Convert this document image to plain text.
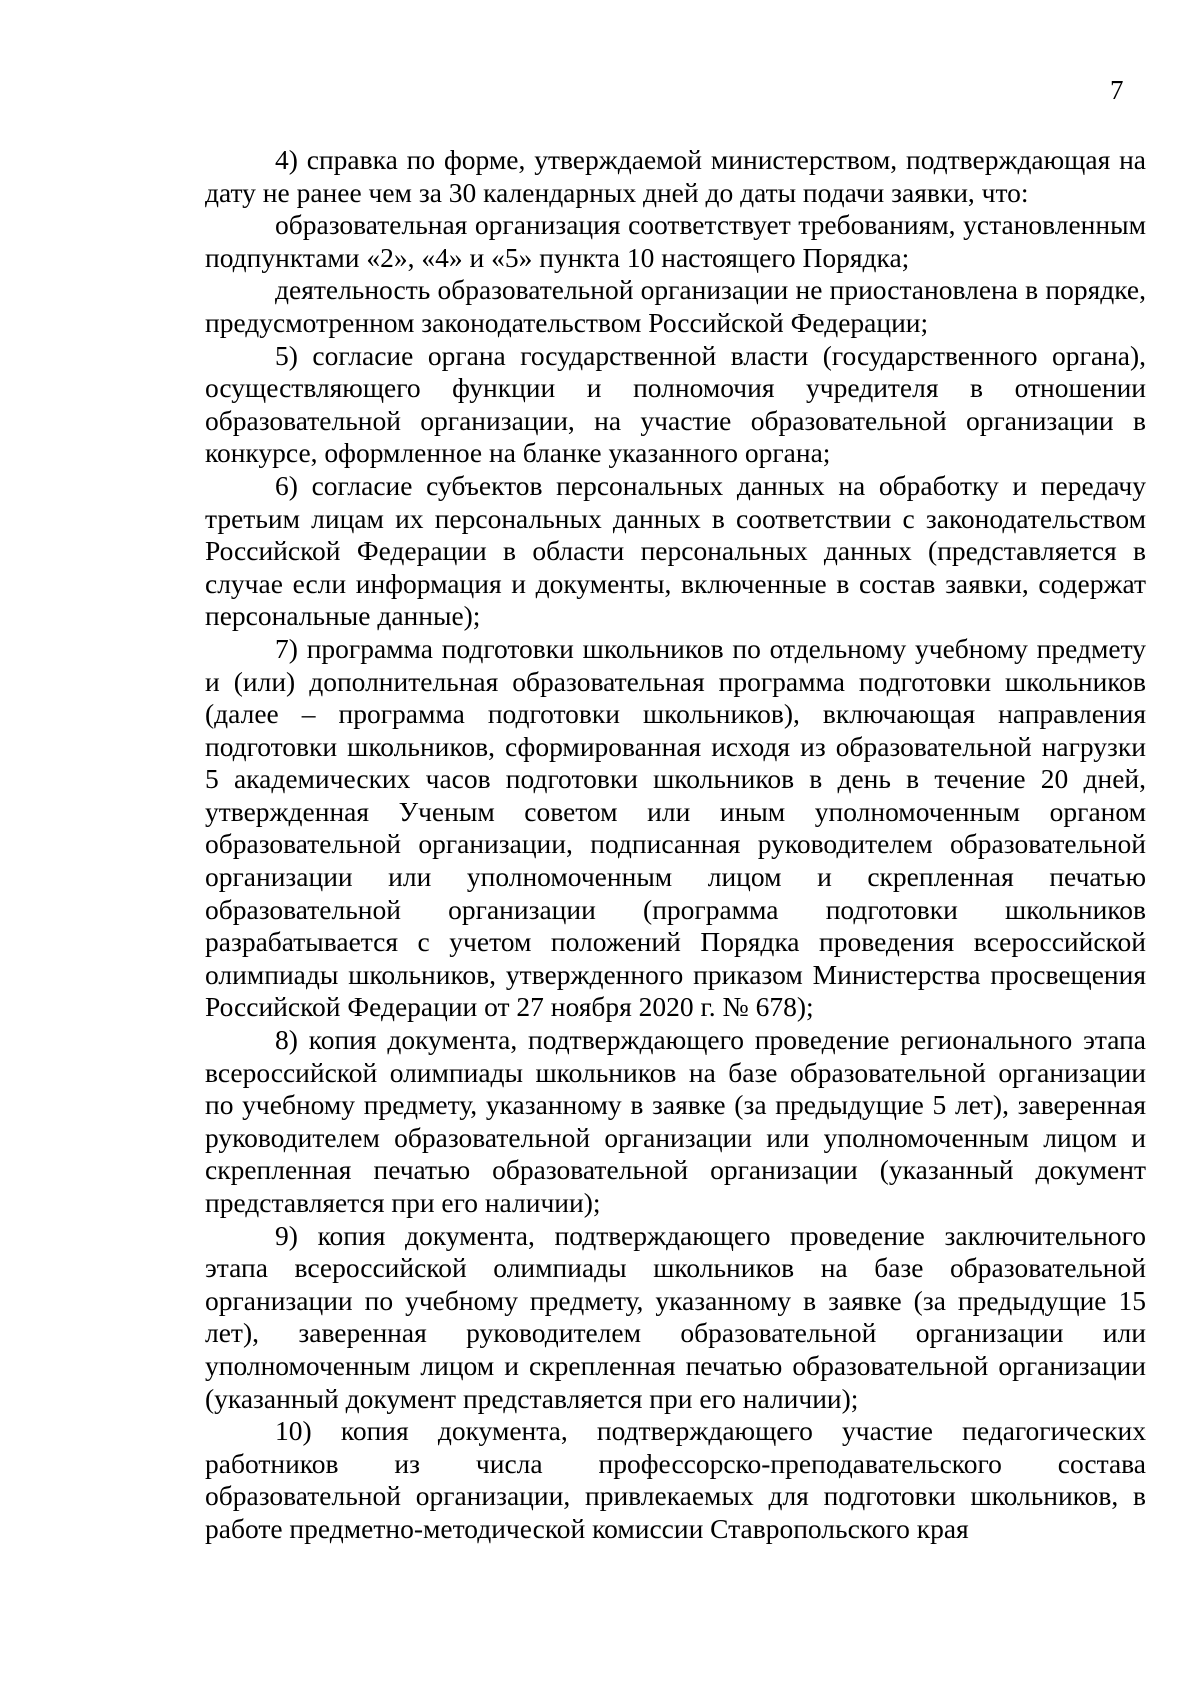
7

4) справка по форме, утверждаемой министерством, подтверждающая на дату не ранее чем за 30 календарных дней до даты подачи заявки, что:

образовательная организация соответствует требованиям, установленным подпунктами «2», «4» и «5» пункта 10 настоящего Порядка;

деятельность образовательной организации не приостановлена в порядке, предусмотренном законодательством Российской Федерации;

5) согласие органа государственной власти (государственного органа), осуществляющего функции и полномочия учредителя в отношении образовательной организации, на участие образовательной организации в конкурсе, оформленное на бланке указанного органа;

6) согласие субъектов персональных данных на обработку и передачу третьим лицам их персональных данных в соответствии с законодательством Российской Федерации в области персональных данных (представляется в случае если информация и документы, включенные в состав заявки, содержат персональные данные);

7) программа подготовки школьников по отдельному учебному предмету и (или) дополнительная образовательная программа подготовки школьников (далее – программа подготовки школьников), включающая направления подготовки школьников, сформированная исходя из образовательной нагрузки 5 академических часов подготовки школьников в день в течение 20 дней, утвержденная Ученым советом или иным уполномоченным органом образовательной организации, подписанная руководителем образовательной организации или уполномоченным лицом и скрепленная печатью образовательной организации (программа подготовки школьников разрабатывается с учетом положений Порядка проведения всероссийской олимпиады школьников, утвержденного приказом Министерства просвещения Российской Федерации от 27 ноября 2020 г. № 678);

8) копия документа, подтверждающего проведение регионального этапа всероссийской олимпиады школьников на базе образовательной организации по учебному предмету, указанному в заявке (за предыдущие 5 лет), заверенная руководителем образовательной организации или уполномоченным лицом и скрепленная печатью образовательной организации (указанный документ представляется при его наличии);

9) копия документа, подтверждающего проведение заключительного этапа всероссийской олимпиады школьников на базе образовательной организации по учебному предмету, указанному в заявке (за предыдущие 15 лет), заверенная руководителем образовательной организации или уполномоченным лицом и скрепленная печатью образовательной организации (указанный документ представляется при его наличии);

10) копия документа, подтверждающего участие педагогических работников из числа профессорско-преподавательского состава образовательной организации, привлекаемых для подготовки школьников, в работе предметно-методической комиссии Ставропольского края
